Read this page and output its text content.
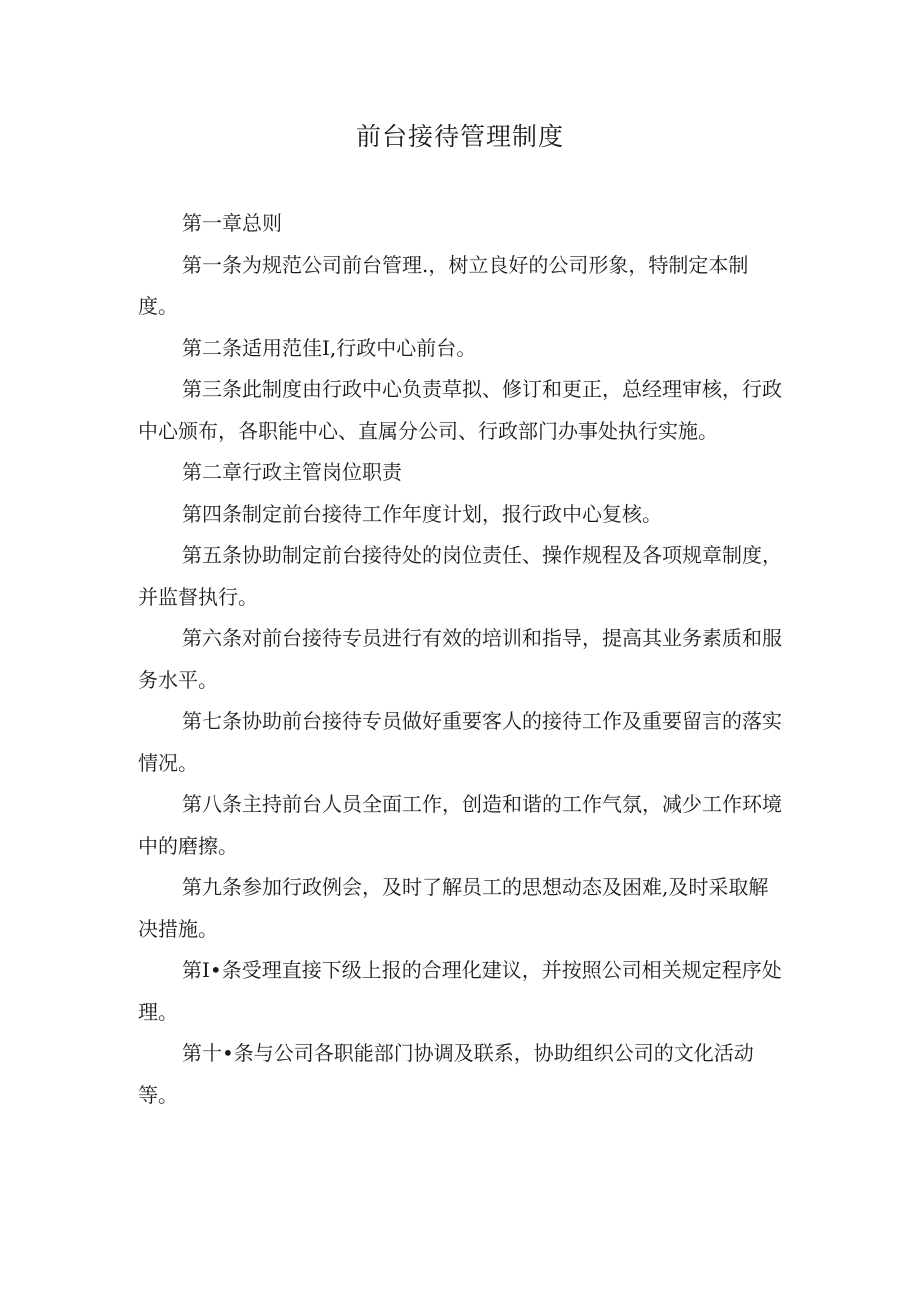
前台接待管理制度

第一章总则

第一条为规范公司前台管理.，树立良好的公司形象，特制定本制度。

第二条适用范佳I,行政中心前台。

第三条此制度由行政中心负责草拟、修订和更正，总经理审核，行政中心颁布，各职能中心、直属分公司、行政部门办事处执行实施。

第二章行政主管岗位职责

第四条制定前台接待工作年度计划，报行政中心复核。

第五条协助制定前台接待处的岗位责任、操作规程及各项规章制度，并监督执行。

第六条对前台接待专员进行有效的培训和指导，提高其业务素质和服务水平。

第七条协助前台接待专员做好重要客人的接待工作及重要留言的落实情况。

第八条主持前台人员全面工作，创造和谐的工作气氛，减少工作环境中的磨擦。

第九条参加行政例会，及时了解员工的思想动态及困难,及时采取解决措施。

第I•条受理直接下级上报的合理化建议，并按照公司相关规定程序处理。

第十•条与公司各职能部门协调及联系，协助组织公司的文化活动等。
